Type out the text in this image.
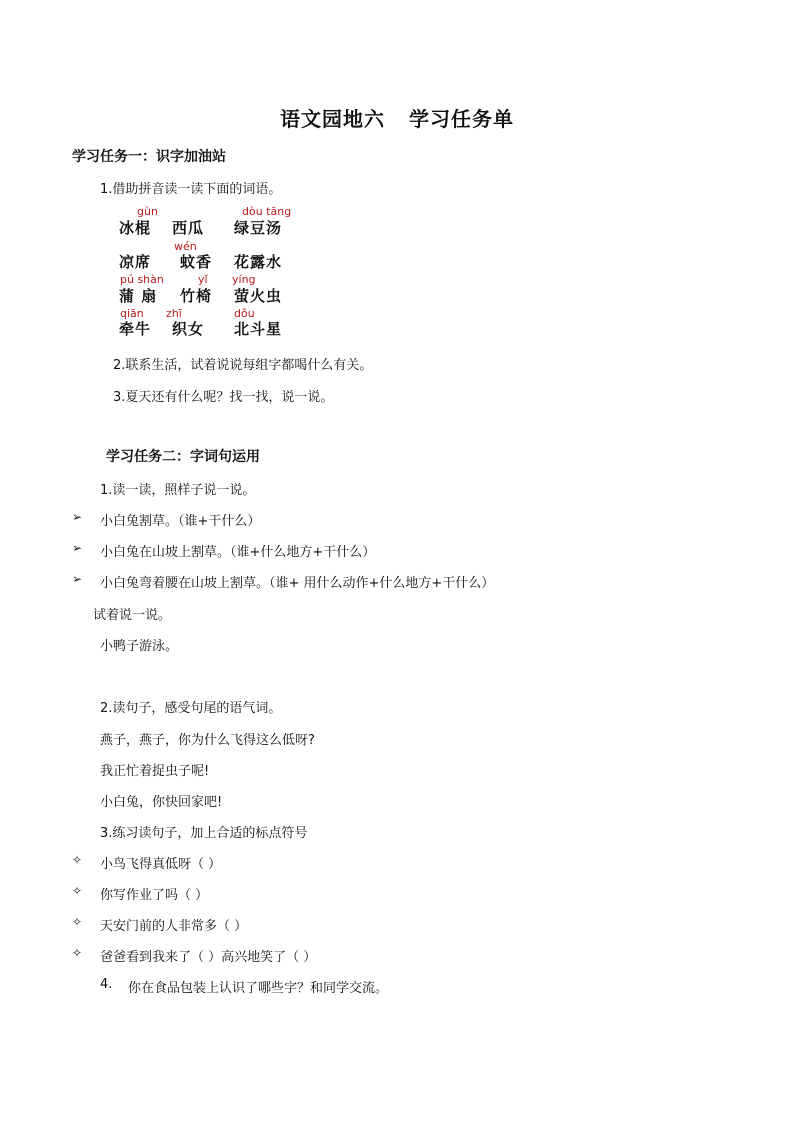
语文园地六 学习任务单
学习任务一：识字加油站
1.借助拼音读一读下面的词语。
gùn	dòu tāng
wén
pú shàn	yǐ yíng
qiān zhī	dǒu
冰棍 西瓜 绿豆汤
凉席 蚊香 花露水
蒲 扇 竹椅 萤火虫
牵牛 织女 北斗星
2.联系生活，试着说说每组字都喝什么有关。
3.夏天还有什么呢？找一找，说一说。
学习任务二：字词句运用
1.读一读，照样子说一说。
➢ 小白兔割草。（谁+干什么）
➢ 小白兔在山坡上割草。（谁+什么地方+干什么）
➢ 小白兔弯着腰在山坡上割草。（谁+ 用什么动作+什么地方+干什么）
试着说一说。
小鸭子游泳。
2.读句子，感受句尾的语气词。
燕子，燕子，你为什么飞得这么低呀?
我正忙着捉虫子呢!
小白兔，你快回家吧!
3.练习读句子，加上合适的标点符号
✧ 小鸟飞得真低呀（ ）
✧ 你写作业了吗（ ）
✧ 天安门前的人非常多（ ）
✧ 爸爸看到我来了（ ）高兴地笑了（ ）
4. 你在食品包装上认识了哪些字？和同学交流。
